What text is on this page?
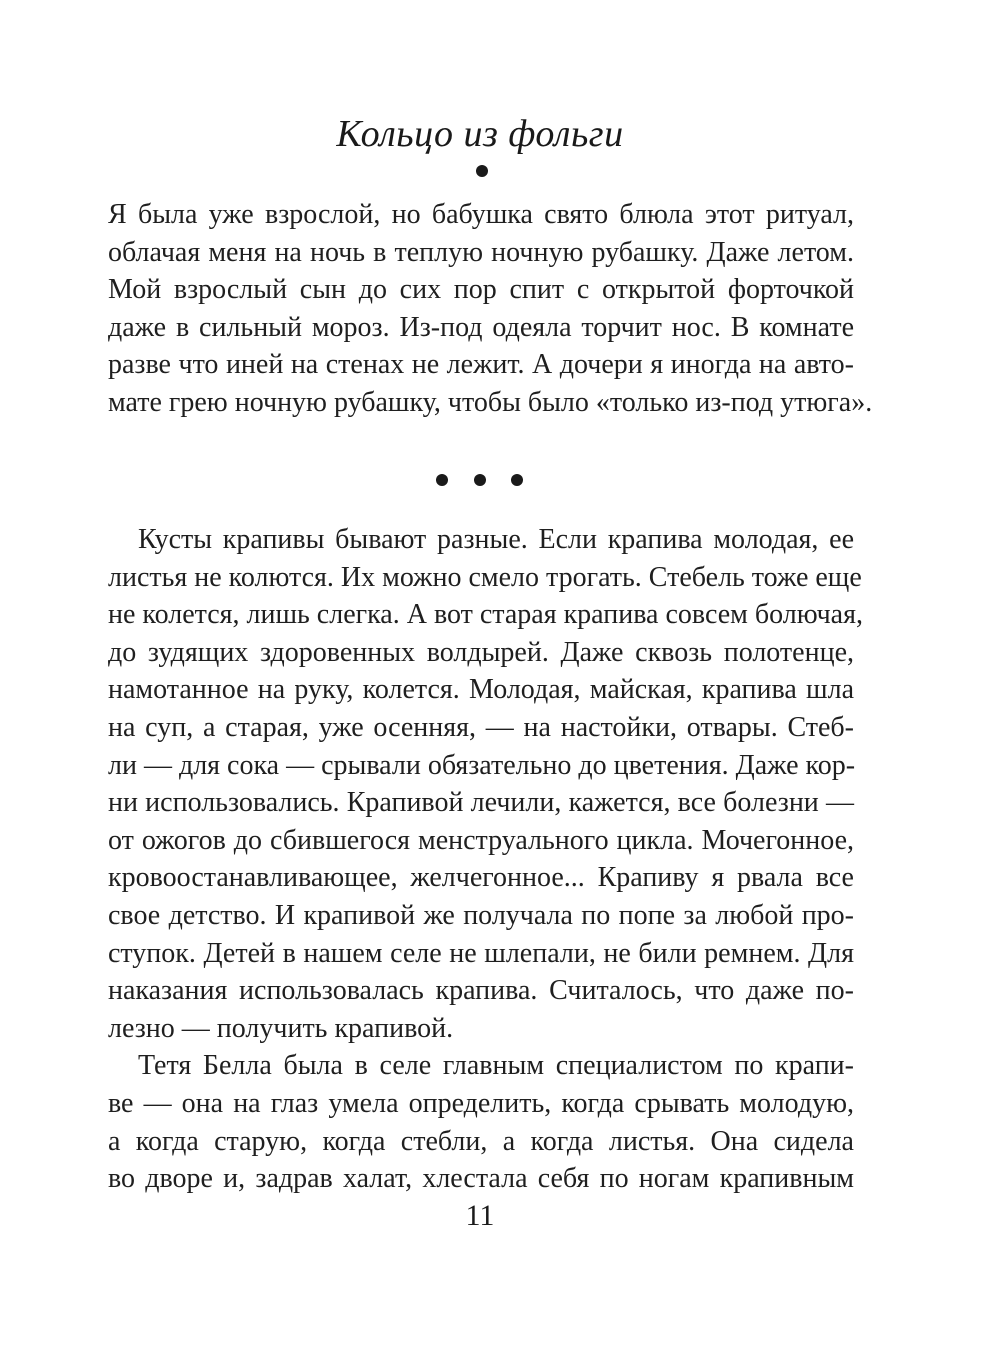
Кольцо из фольги
Я была уже взрослой, но бабушка свято блюла этот ритуал,
облачая меня на ночь в теплую ночную рубашку. Даже летом.
Мой взрослый сын до сих пор спит с открытой форточкой
даже в сильный мороз. Из-под одеяла торчит нос. В комнате
разве что иней на стенах не лежит. А дочери я иногда на авто-
мате грею ночную рубашку, чтобы было «только из-под утюга».
Кусты крапивы бывают разные. Если крапива молодая, ее
листья не колются. Их можно смело трогать. Стебель тоже еще
не колется, лишь слегка. А вот старая крапива совсем болючая,
до зудящих здоровенных волдырей. Даже сквозь полотенце,
намотанное на руку, колется. Молодая, майская, крапива шла
на суп, а старая, уже осенняя, — на настойки, отвары. Стеб-
ли — для сока — срывали обязательно до цветения. Даже кор-
ни использовались. Крапивой лечили, кажется, все болезни —
от ожогов до сбившегося менструального цикла. Мочегонное,
кровоостанавливающее, желчегонное... Крапиву я рвала все
свое детство. И крапивой же получала по попе за любой про-
ступок. Детей в нашем селе не шлепали, не били ремнем. Для
наказания использовалась крапива. Считалось, что даже по-
лезно — получить крапивой.
Тетя Белла была в селе главным специалистом по крапи-
ве — она на глаз умела определить, когда срывать молодую,
а когда старую, когда стебли, а когда листья. Она сидела
во дворе и, задрав халат, хлестала себя по ногам крапивным
11
